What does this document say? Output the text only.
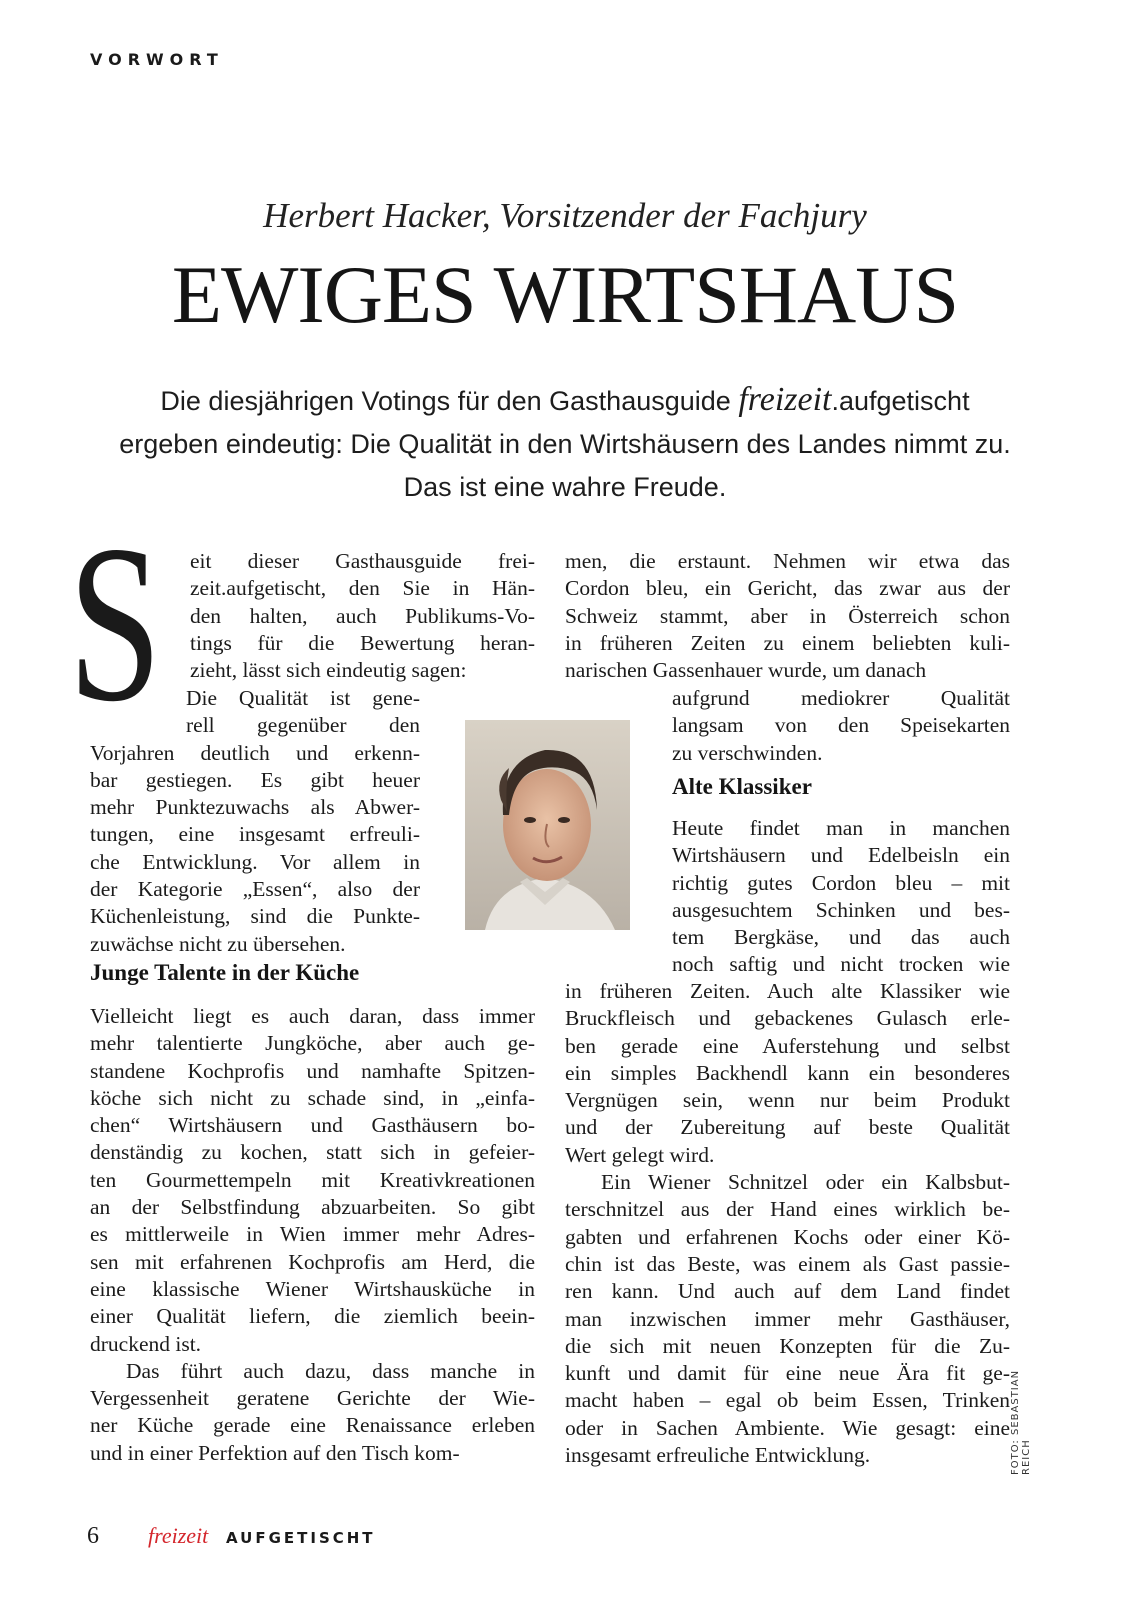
VORWORT
Herbert Hacker, Vorsitzender der Fachjury
EWIGES WIRTSHAUS
Die diesjährigen Votings für den Gasthausguide freizeit.aufgetischt
ergeben eindeutig: Die Qualität in den Wirtshäusern des Landes nimmt zu.
Das ist eine wahre Freude.
S eit dieser Gasthausguide frei-
zeit.aufgetischt, den Sie in Hän-
den halten, auch Publikums-Vo-
tings für die Bewertung heran-
zieht, lässt sich eindeutig sagen:
Die Qualität ist gene-
rell gegenüber den
Vorjahren deutlich und erkenn-
bar gestiegen. Es gibt heuer
mehr Punktezuwachs als Abwer-
tungen, eine insgesamt erfreuli-
che Entwicklung. Vor allem in
der Kategorie „Essen“, also der
Küchenleistung, sind die Punkte-
zuwächse nicht zu übersehen.
Junge Talente in der Küche
Vielleicht liegt es auch daran, dass immer
mehr talentierte Jungköche, aber auch ge-
standene Kochprofis und namhafte Spitzen-
köche sich nicht zu schade sind, in „einfa-
chen“ Wirtshäusern und Gasthäusern bo-
denständig zu kochen, statt sich in gefeier-
ten Gourmettempeln mit Kreativkreationen
an der Selbstfindung abzuarbeiten. So gibt
es mittlerweile in Wien immer mehr Adres-
sen mit erfahrenen Kochprofis am Herd, die
eine klassische Wiener Wirtshausküche in
einer Qualität liefern, die ziemlich beein-
druckend ist.
Das führt auch dazu, dass manche in
Vergessenheit geratene Gerichte der Wie-
ner Küche gerade eine Renaissance erleben
und in einer Perfektion auf den Tisch kom-
men, die erstaunt. Nehmen wir etwa das
Cordon bleu, ein Gericht, das zwar aus der
Schweiz stammt, aber in Österreich schon
in früheren Zeiten zu einem beliebten kuli-
narischen Gassenhauer wurde, um danach
aufgrund mediokrer Qualität
langsam von den Speisekarten
zu verschwinden.
Alte Klassiker
Heute findet man in manchen
Wirtshäusern und Edelbeisln ein
richtig gutes Cordon bleu – mit
ausgesuchtem Schinken und bes-
tem Bergkäse, und das auch
noch saftig und nicht trocken wie
in früheren Zeiten. Auch alte Klassiker wie
Bruckfleisch und gebackenes Gulasch erle-
ben gerade eine Auferstehung und selbst
ein simples Backhendl kann ein besonderes
Vergnügen sein, wenn nur beim Produkt
und der Zubereitung auf beste Qualität
Wert gelegt wird.
Ein Wiener Schnitzel oder ein Kalbsbut-
terschnitzel aus der Hand eines wirklich be-
gabten und erfahrenen Kochs oder einer Kö-
chin ist das Beste, was einem als Gast passie-
ren kann. Und auch auf dem Land findet
man inzwischen immer mehr Gasthäuser,
die sich mit neuen Konzepten für die Zu-
kunft und damit für eine neue Ära fit ge-
macht haben – egal ob beim Essen, Trinken
oder in Sachen Ambiente. Wie gesagt: eine
insgesamt erfreuliche Entwicklung.	FOTO: SEBASTIAN REICH
6 freizeit AUFGETISCHT
